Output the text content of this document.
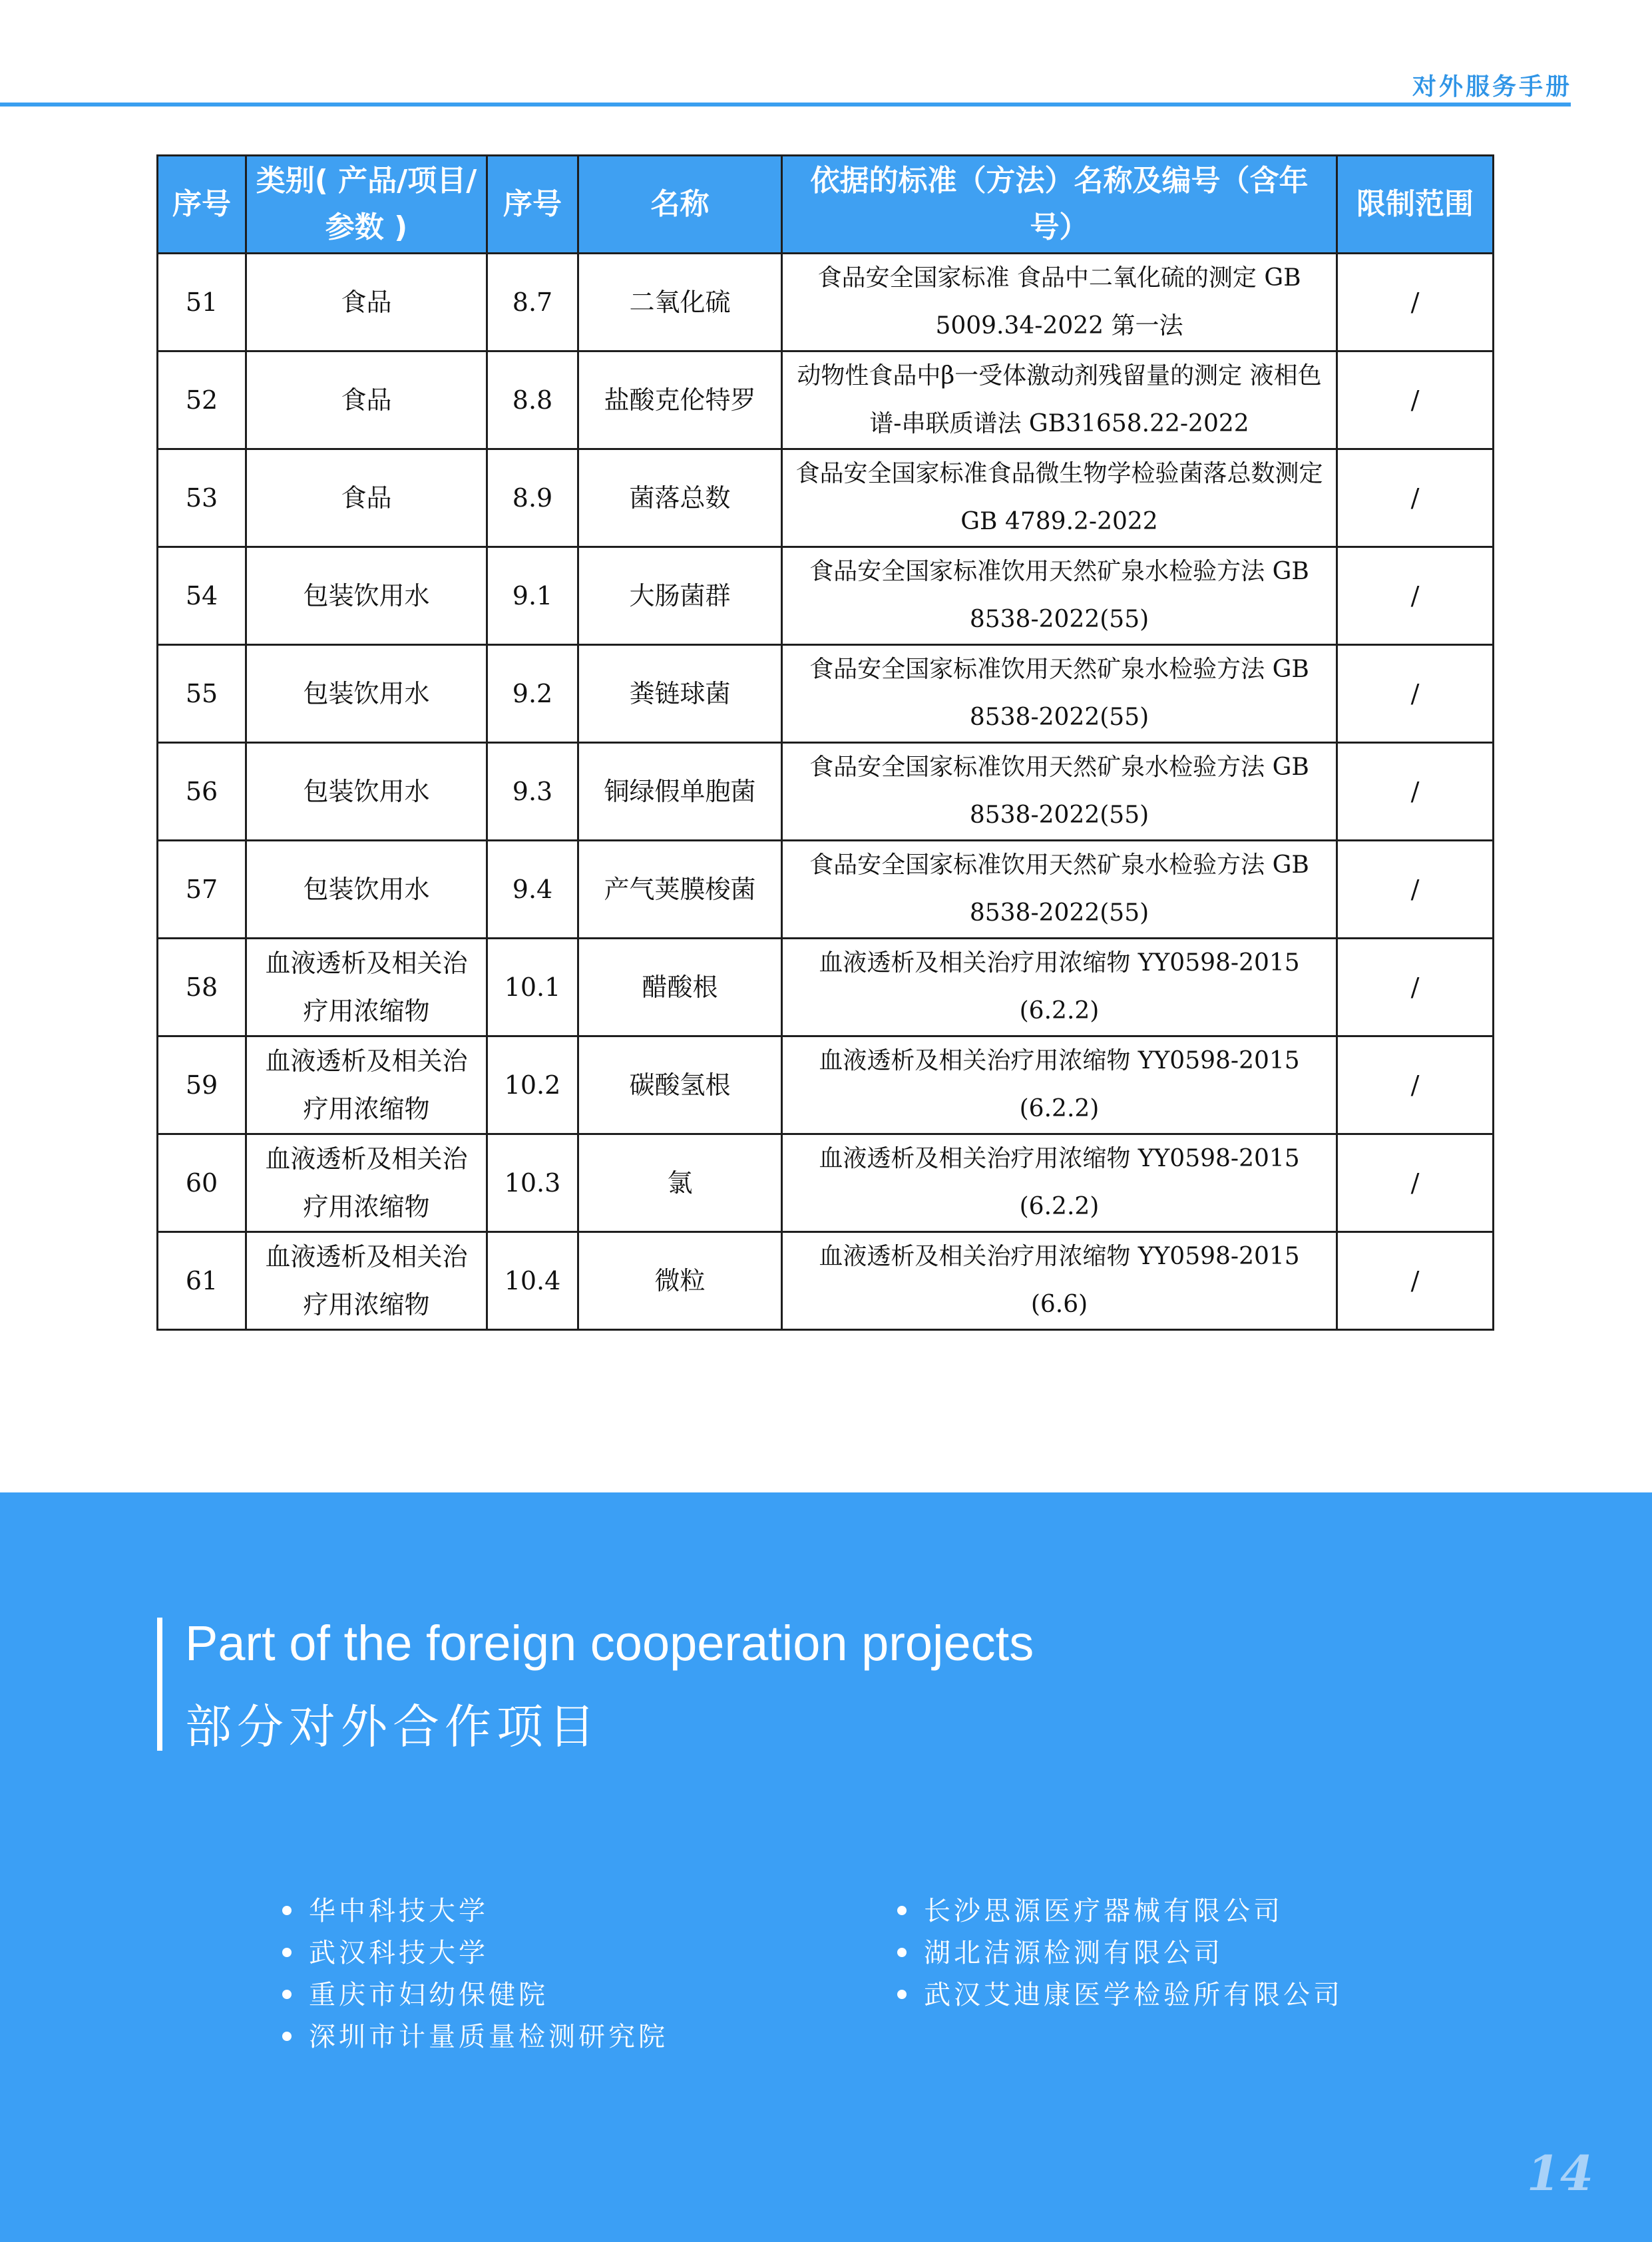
对外服务手册
序号	类别( 产品/项目/参数 )	序号	名称	依据的标准（方法）名称及编号（含年号）	限制范围
51	食品	8.7	二氧化硫	食品安全国家标准 食品中二氧化硫的测定 GB 5009.34-2022 第一法	/
52	食品	8.8	盐酸克伦特罗	动物性食品中β一受体激动剂残留量的测定 液相色谱-串联质谱法 GB31658.22-2022	/
53	食品	8.9	菌落总数	食品安全国家标准食品微生物学检验菌落总数测定 GB 4789.2-2022	/
54	包装饮用水	9.1	大肠菌群	食品安全国家标准饮用天然矿泉水检验方法 GB 8538-2022(55)	/
55	包装饮用水	9.2	粪链球菌	食品安全国家标准饮用天然矿泉水检验方法 GB 8538-2022(55)	/
56	包装饮用水	9.3	铜绿假单胞菌	食品安全国家标准饮用天然矿泉水检验方法 GB 8538-2022(55)	/
57	包装饮用水	9.4	产气荚膜梭菌	食品安全国家标准饮用天然矿泉水检验方法 GB 8538-2022(55)	/
58	血液透析及相关治疗用浓缩物	10.1	醋酸根	血液透析及相关治疗用浓缩物 YY0598-2015 (6.2.2)	/
59	血液透析及相关治疗用浓缩物	10.2	碳酸氢根	血液透析及相关治疗用浓缩物 YY0598-2015 (6.2.2)	/
60	血液透析及相关治疗用浓缩物	10.3	氯	血液透析及相关治疗用浓缩物 YY0598-2015 (6.2.2)	/
61	血液透析及相关治疗用浓缩物	10.4	微粒	血液透析及相关治疗用浓缩物 YY0598-2015 (6.6)	/
Part of the foreign cooperation projects
部分对外合作项目
华中科技大学
武汉科技大学
重庆市妇幼保健院
深圳市计量质量检测研究院
长沙思源医疗器械有限公司
湖北洁源检测有限公司
武汉艾迪康医学检验所有限公司
14
